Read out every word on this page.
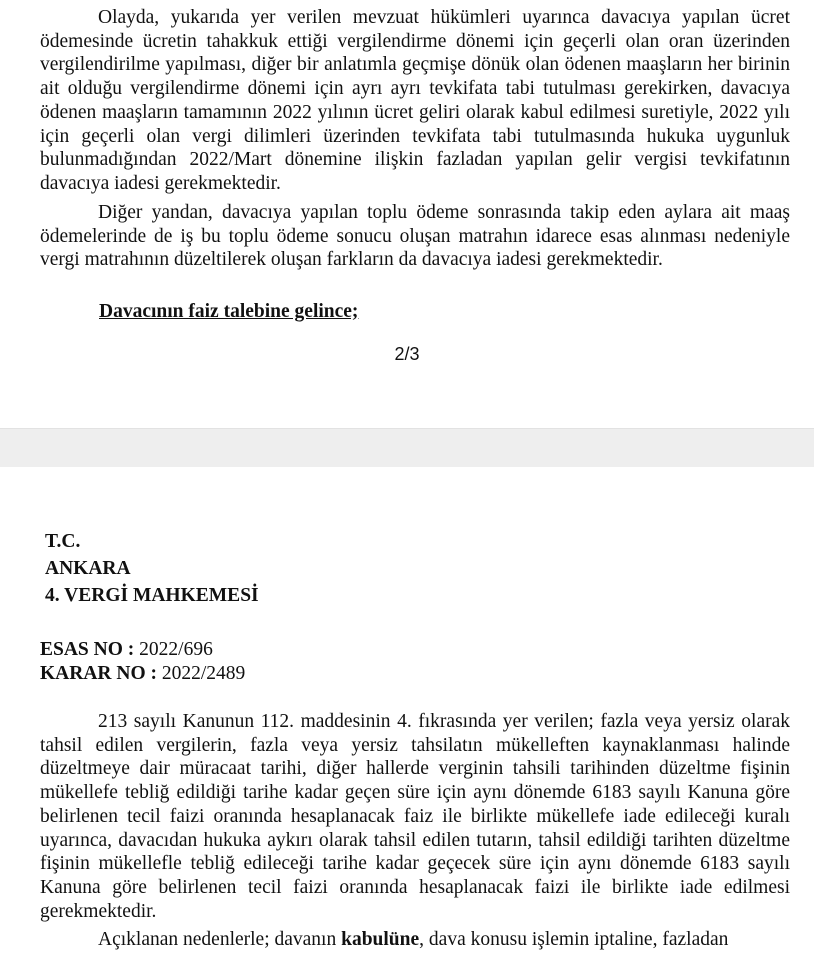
Olayda, yukarıda yer verilen mevzuat hükümleri uyarınca davacıya yapılan ücret ödemesinde ücretin tahakkuk ettiği vergilendirme dönemi için geçerli olan oran üzerinden vergilendirilme yapılması, diğer bir anlatımla geçmişe dönük olan ödenen maaşların her birinin ait olduğu vergilendirme dönemi için ayrı ayrı tevkifata tabi tutulması gerekirken, davacıya ödenen maaşların tamamının 2022 yılının ücret geliri olarak kabul edilmesi suretiyle, 2022 yılı için geçerli olan vergi dilimleri üzerinden tevkifata tabi tutulmasında hukuka uygunluk bulunmadığından 2022/Mart dönemine ilişkin fazladan yapılan gelir vergisi tevkifatının davacıya iadesi gerekmektedir.

Diğer yandan, davacıya yapılan toplu ödeme sonrasında takip eden aylara ait maaş ödemelerinde de iş bu toplu ödeme sonucu oluşan matrahın idarece esas alınması nedeniyle vergi matrahının düzeltilerek oluşan farkların da davacıya iadesi gerekmektedir.

Davacının faiz talebine gelince;

2/3

T.C.

ANKARA

4. VERGİ MAHKEMESİ

ESAS NO : 2022/696

KARAR NO : 2022/2489

213 sayılı Kanunun 112. maddesinin 4. fıkrasında yer verilen; fazla veya yersiz olarak tahsil edilen vergilerin, fazla veya yersiz tahsilatın mükelleften kaynaklanması halinde düzeltmeye dair müracaat tarihi, diğer hallerde verginin tahsili tarihinden düzeltme fişinin mükellefe tebliğ edildiği tarihe kadar geçen süre için aynı dönemde 6183 sayılı Kanuna göre belirlenen tecil faizi oranında hesaplanacak faiz ile birlikte mükellefe iade edileceği kuralı uyarınca, davacıdan hukuka aykırı olarak tahsil edilen tutarın, tahsil edildiği tarihten düzeltme fişinin mükellefle tebliğ edileceği tarihe kadar geçecek süre için aynı dönemde 6183 sayılı Kanuna göre belirlenen tecil faizi oranında hesaplanacak faizi ile birlikte iade edilmesi gerekmektedir.

Açıklanan nedenlerle; davanın kabulüne, dava konusu işlemin iptaline, fazladan
